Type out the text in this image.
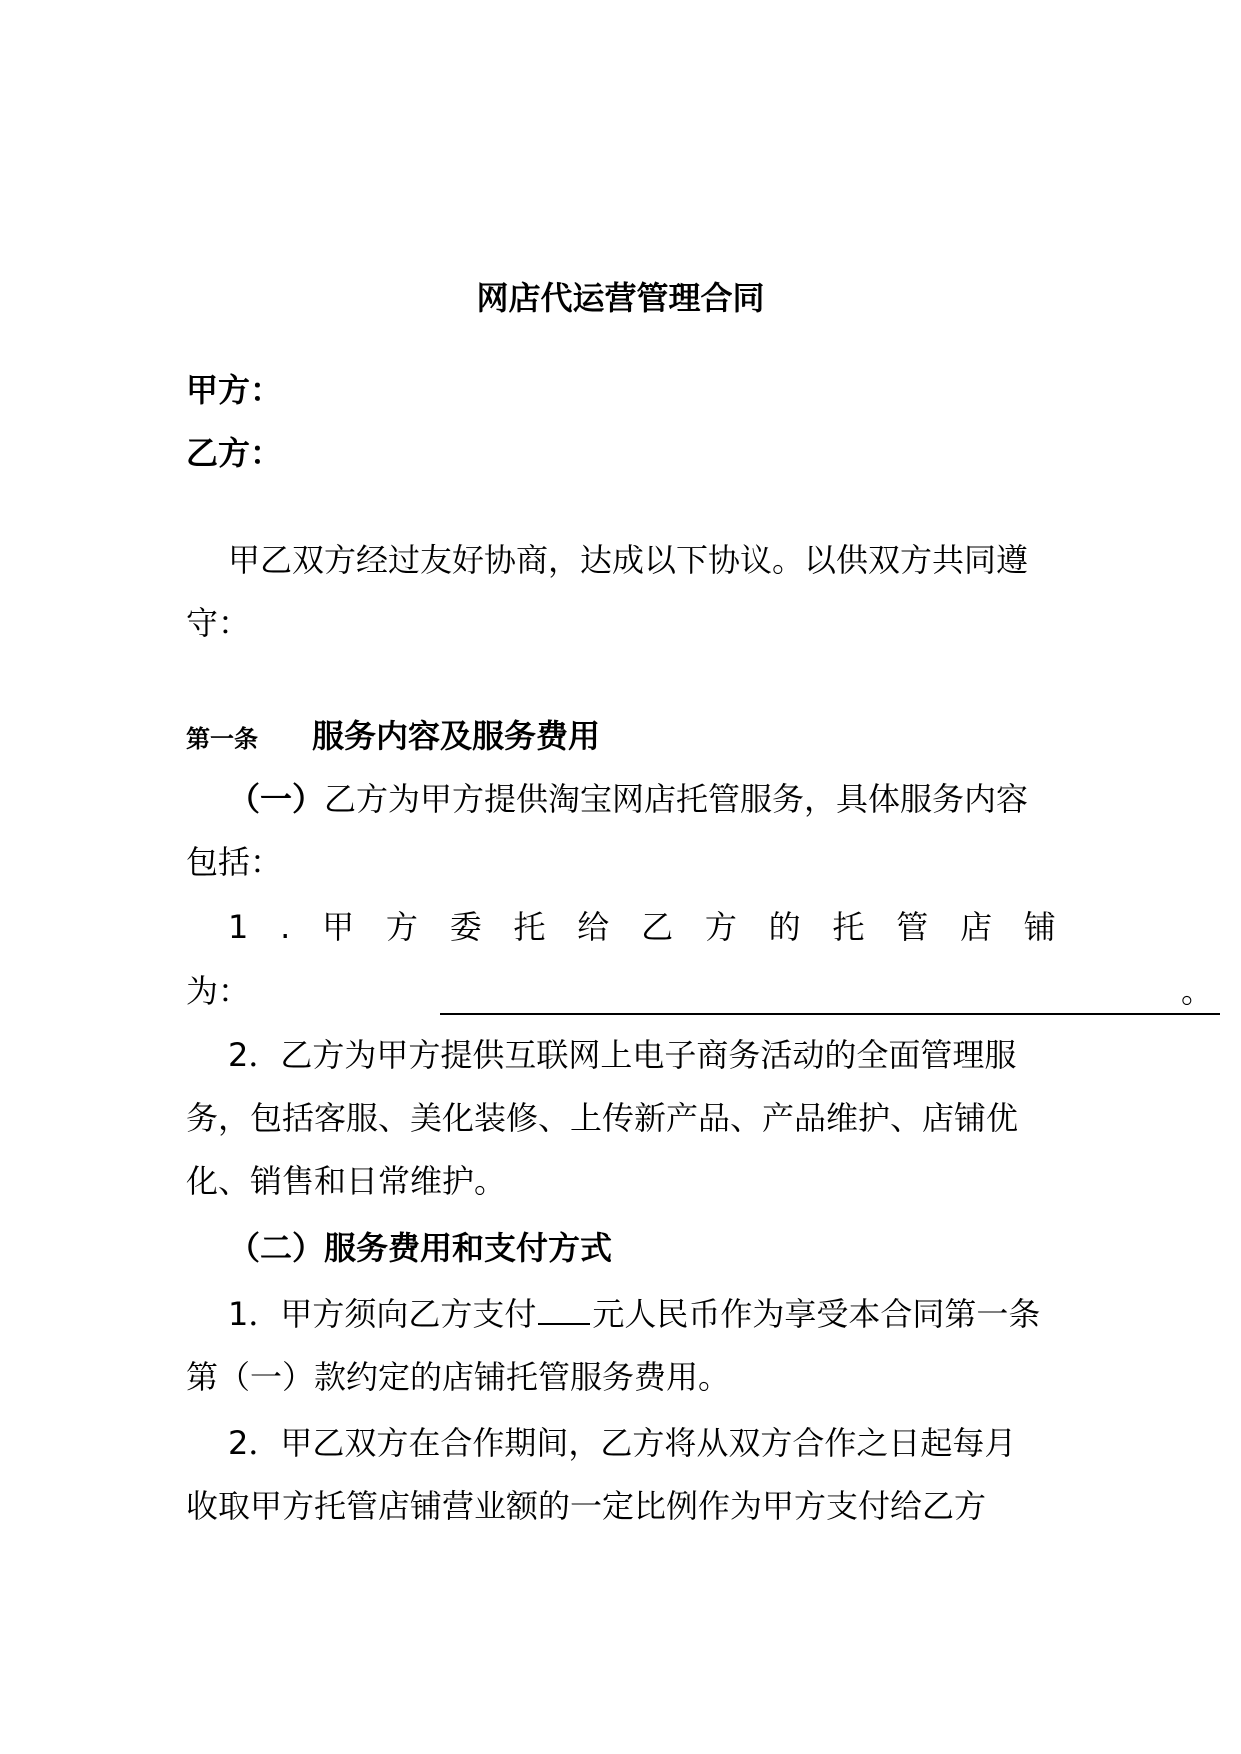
网店代运营管理合同
甲方：
乙方：
甲乙双方经过友好协商，达成以下协议。以供双方共同遵
守：
第一条 服务内容及服务费用
（一）乙方为甲方提供淘宝网店托管服务，具体服务内容
包括：
1 . 甲 方 委 托 给 乙 方 的 托 管 店 铺
为：	。
2．乙方为甲方提供互联网上电子商务活动的全面管理服
务，包括客服、美化装修、上传新产品、产品维护、店铺优
化、销售和日常维护。
（二）服务费用和支付方式
1．甲方须向乙方支付 元人民币作为享受本合同第一条
第（一）款约定的店铺托管服务费用。
2．甲乙双方在合作期间，乙方将从双方合作之日起每月
收取甲方托管店铺营业额的一定比例作为甲方支付给乙方
